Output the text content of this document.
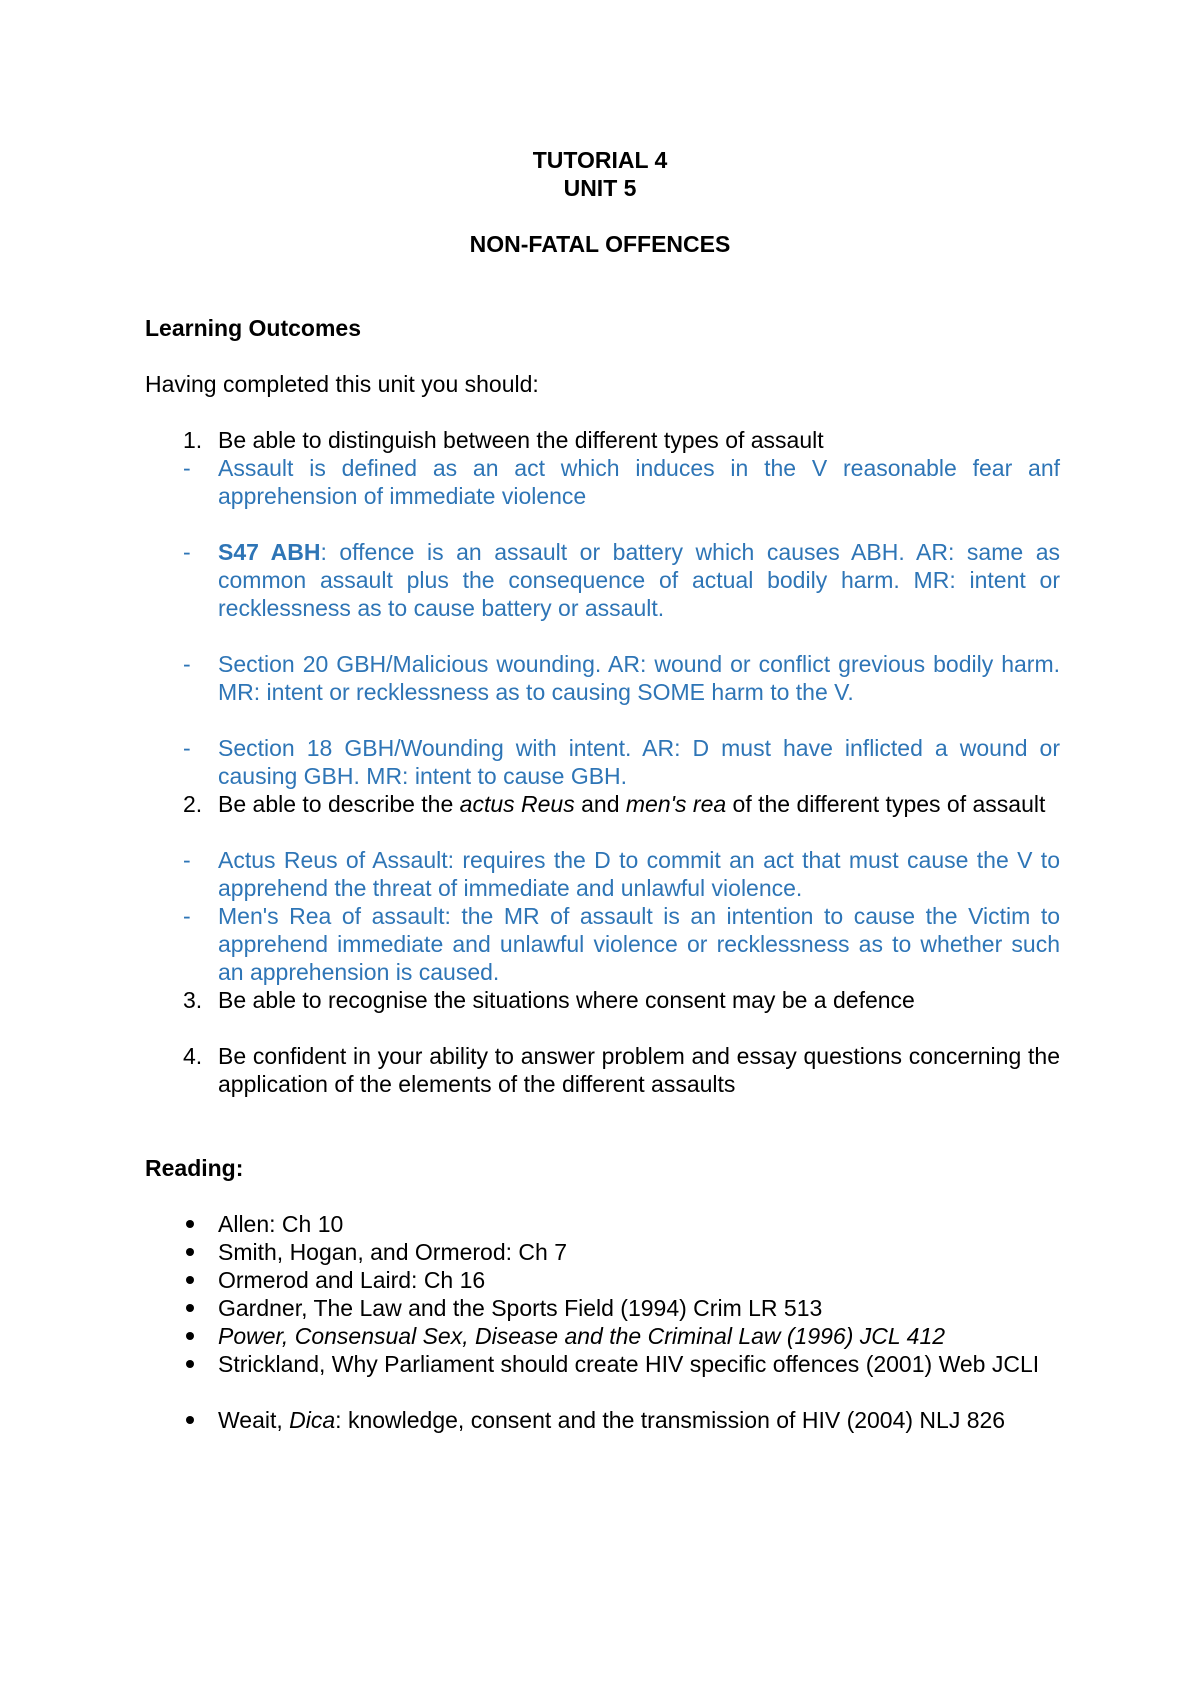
TUTORIAL 4
UNIT 5
NON-FATAL OFFENCES
Learning Outcomes
Having completed this unit you should:
1. Be able to distinguish between the different types of assault
- Assault is defined as an act which induces in the V reasonable fear anf apprehension of immediate violence
- S47 ABH: offence is an assault or battery which causes ABH. AR: same as common assault plus the consequence of actual bodily harm. MR: intent or recklessness as to cause battery or assault.
- Section 20 GBH/Malicious wounding. AR: wound or conflict grevious bodily harm. MR: intent or recklessness as to causing SOME harm to the V.
- Section 18 GBH/Wounding with intent. AR: D must have inflicted a wound or causing GBH. MR: intent to cause GBH.
2. Be able to describe the actus Reus and men's rea of the different types of assault
- Actus Reus of Assault: requires the D to commit an act that must cause the V to apprehend the threat of immediate and unlawful violence.
- Men's Rea of assault: the MR of assault is an intention to cause the Victim to apprehend immediate and unlawful violence or recklessness as to whether such an apprehension is caused.
3. Be able to recognise the situations where consent may be a defence
4. Be confident in your ability to answer problem and essay questions concerning the application of the elements of the different assaults
Reading:
Allen: Ch 10
Smith, Hogan, and Ormerod: Ch 7
Ormerod and Laird: Ch 16
Gardner, The Law and the Sports Field (1994) Crim LR 513
Power, Consensual Sex, Disease and the Criminal Law (1996) JCL 412
Strickland, Why Parliament should create HIV specific offences (2001) Web JCLI
Weait, Dica: knowledge, consent and the transmission of HIV (2004) NLJ 826
